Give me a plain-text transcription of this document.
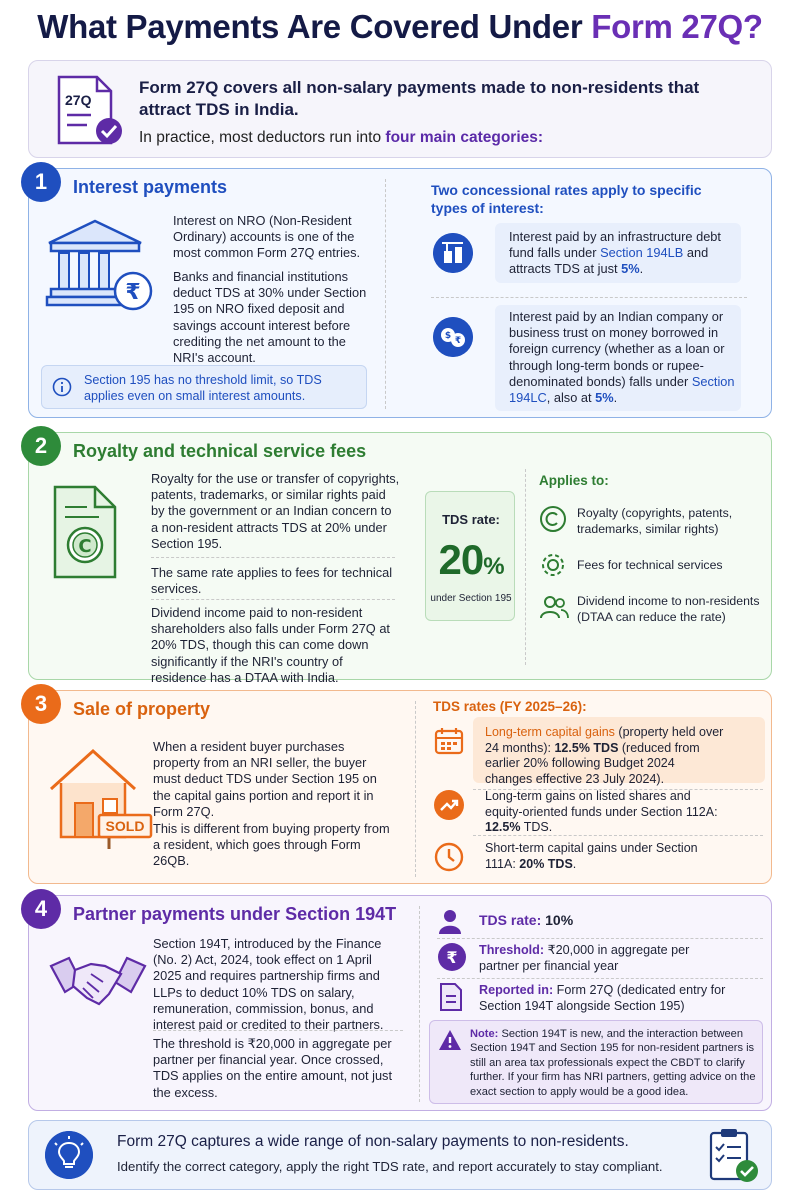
What Payments Are Covered Under Form 27Q?
27Q
Form 27Q covers all non-salary payments made to non-residents that attract TDS in India.
In practice, most deductors run into four main categories:
1	Interest payments
₹
Interest on NRO (Non-Resident Ordinary) accounts is one of the most common Form 27Q entries.
Banks and financial institutions deduct TDS at 30% under Section 195 on NRO fixed deposit and savings account interest before crediting the net amount to the NRI's account.
Section 195 has no threshold limit, so TDS applies even on small interest amounts.
Two concessional rates apply to specific types of interest:
Interest paid by an infrastructure debt fund falls under Section 194LB and attracts TDS at just 5%.
Interest paid by an Indian company or business trust on money borrowed in foreign currency (whether as a loan or through long-term bonds or rupee-denominated bonds) falls under Section 194LC, also at 5%.
$ ₹
2	Royalty and technical service fees
C
Royalty for the use or transfer of copyrights, patents, trademarks, or similar rights paid by the government or an Indian concern to a non-resident attracts TDS at 20% under Section 195.
The same rate applies to fees for technical services.
Dividend income paid to non-resident shareholders also falls under Form 27Q at 20% TDS, though this can come down significantly if the NRI's country of residence has a DTAA with India.
TDS rate:
20%
under Section 195
Applies to:
Royalty (copyrights, patents, trademarks, similar rights)
Fees for technical services
Dividend income to non-residents (DTAA can reduce the rate)
3	Sale of property
SOLD
When a resident buyer purchases property from an NRI seller, the buyer must deduct TDS under Section 195 on the capital gains portion and report it in Form 27Q.
This is different from buying property from a resident, which goes through Form 26QB.
TDS rates (FY 2025–26):
Long-term capital gains (property held over 24 months): 12.5% TDS (reduced from earlier 20% following Budget 2024 changes effective 23 July 2024).
Long-term gains on listed shares and equity-oriented funds under Section 112A: 12.5% TDS.
Short-term capital gains under Section 111A: 20% TDS.
4	Partner payments under Section 194T
Section 194T, introduced by the Finance (No. 2) Act, 2024, took effect on 1 April 2025 and requires partnership firms and LLPs to deduct 10% TDS on salary, remuneration, commission, bonus, and interest paid or credited to their partners.
The threshold is ₹20,000 in aggregate per partner per financial year. Once crossed, TDS applies on the entire amount, not just the excess.
TDS rate: 10%
₹ Threshold: ₹20,000 in aggregate per partner per financial year
Reported in: Form 27Q (dedicated entry for Section 194T alongside Section 195)
Note: Section 194T is new, and the interaction between Section 194T and Section 195 for non-resident partners is still an area tax professionals expect the CBDT to clarify further. If your firm has NRI partners, getting advice on the exact section to apply would be a good idea.
Form 27Q captures a wide range of non-salary payments to non-residents.
Identify the correct category, apply the right TDS rate, and report accurately to stay compliant.
